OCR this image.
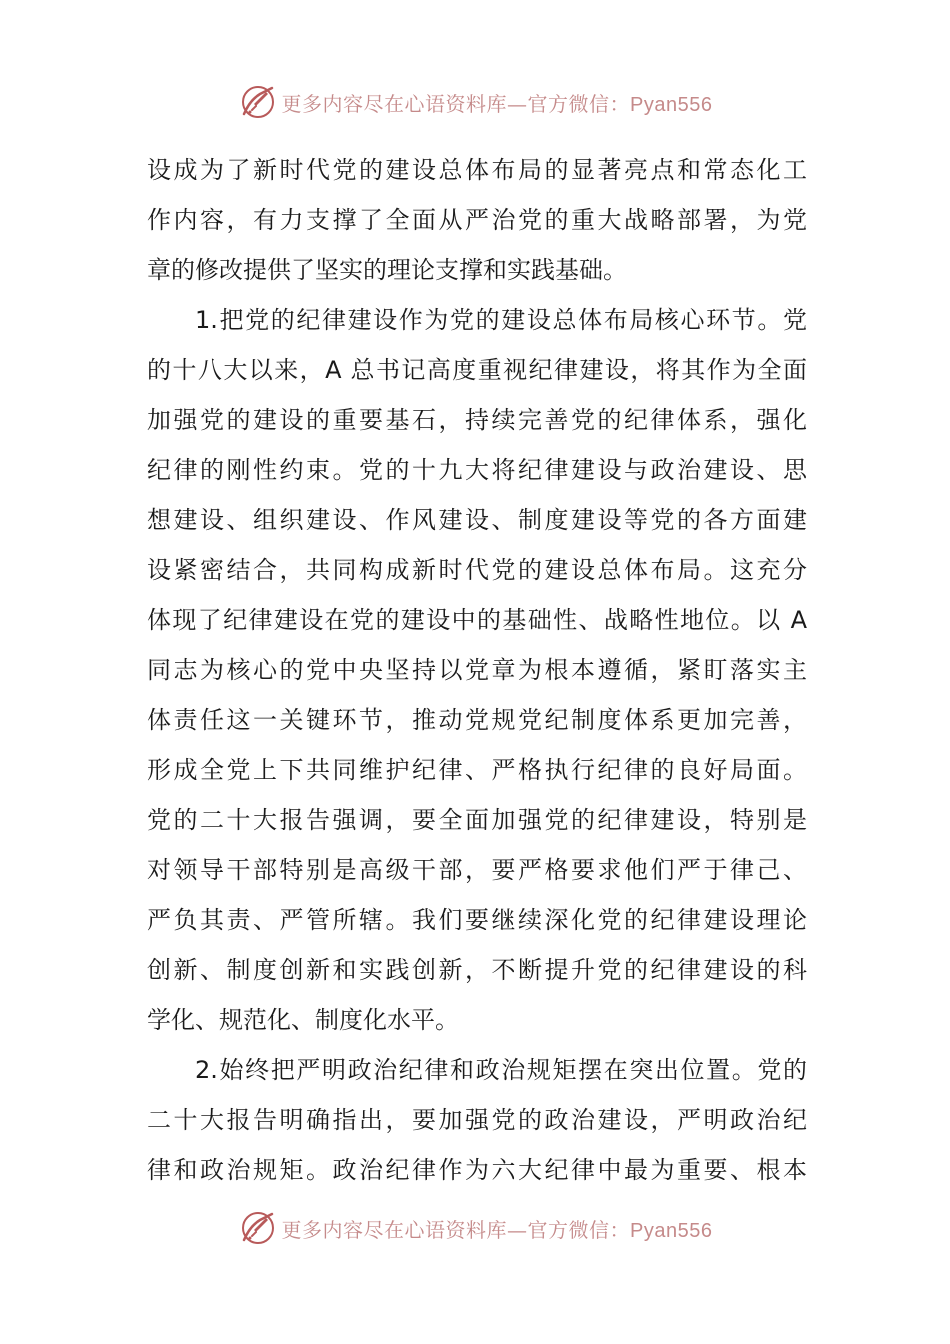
更多内容尽在心语资料库—官方微信：Pyan556
设成为了新时代党的建设总体布局的显著亮点和常态化工
作内容，有力支撑了全面从严治党的重大战略部署，为党
章的修改提供了坚实的理论支撑和实践基础。
1.把党的纪律建设作为党的建设总体布局核心环节。党
的十八大以来，A 总书记高度重视纪律建设，将其作为全面
加强党的建设的重要基石，持续完善党的纪律体系，强化
纪律的刚性约束。党的十九大将纪律建设与政治建设、思
想建设、组织建设、作风建设、制度建设等党的各方面建
设紧密结合，共同构成新时代党的建设总体布局。这充分
体现了纪律建设在党的建设中的基础性、战略性地位。以 A
同志为核心的党中央坚持以党章为根本遵循，紧盯落实主
体责任这一关键环节，推动党规党纪制度体系更加完善，
形成全党上下共同维护纪律、严格执行纪律的良好局面。
党的二十大报告强调，要全面加强党的纪律建设，特别是
对领导干部特别是高级干部，要严格要求他们严于律己、
严负其责、严管所辖。我们要继续深化党的纪律建设理论
创新、制度创新和实践创新，不断提升党的纪律建设的科
学化、规范化、制度化水平。
2.始终把严明政治纪律和政治规矩摆在突出位置。党的
二十大报告明确指出，要加强党的政治建设，严明政治纪
律和政治规矩。政治纪律作为六大纪律中最为重要、根本
更多内容尽在心语资料库—官方微信：Pyan556
